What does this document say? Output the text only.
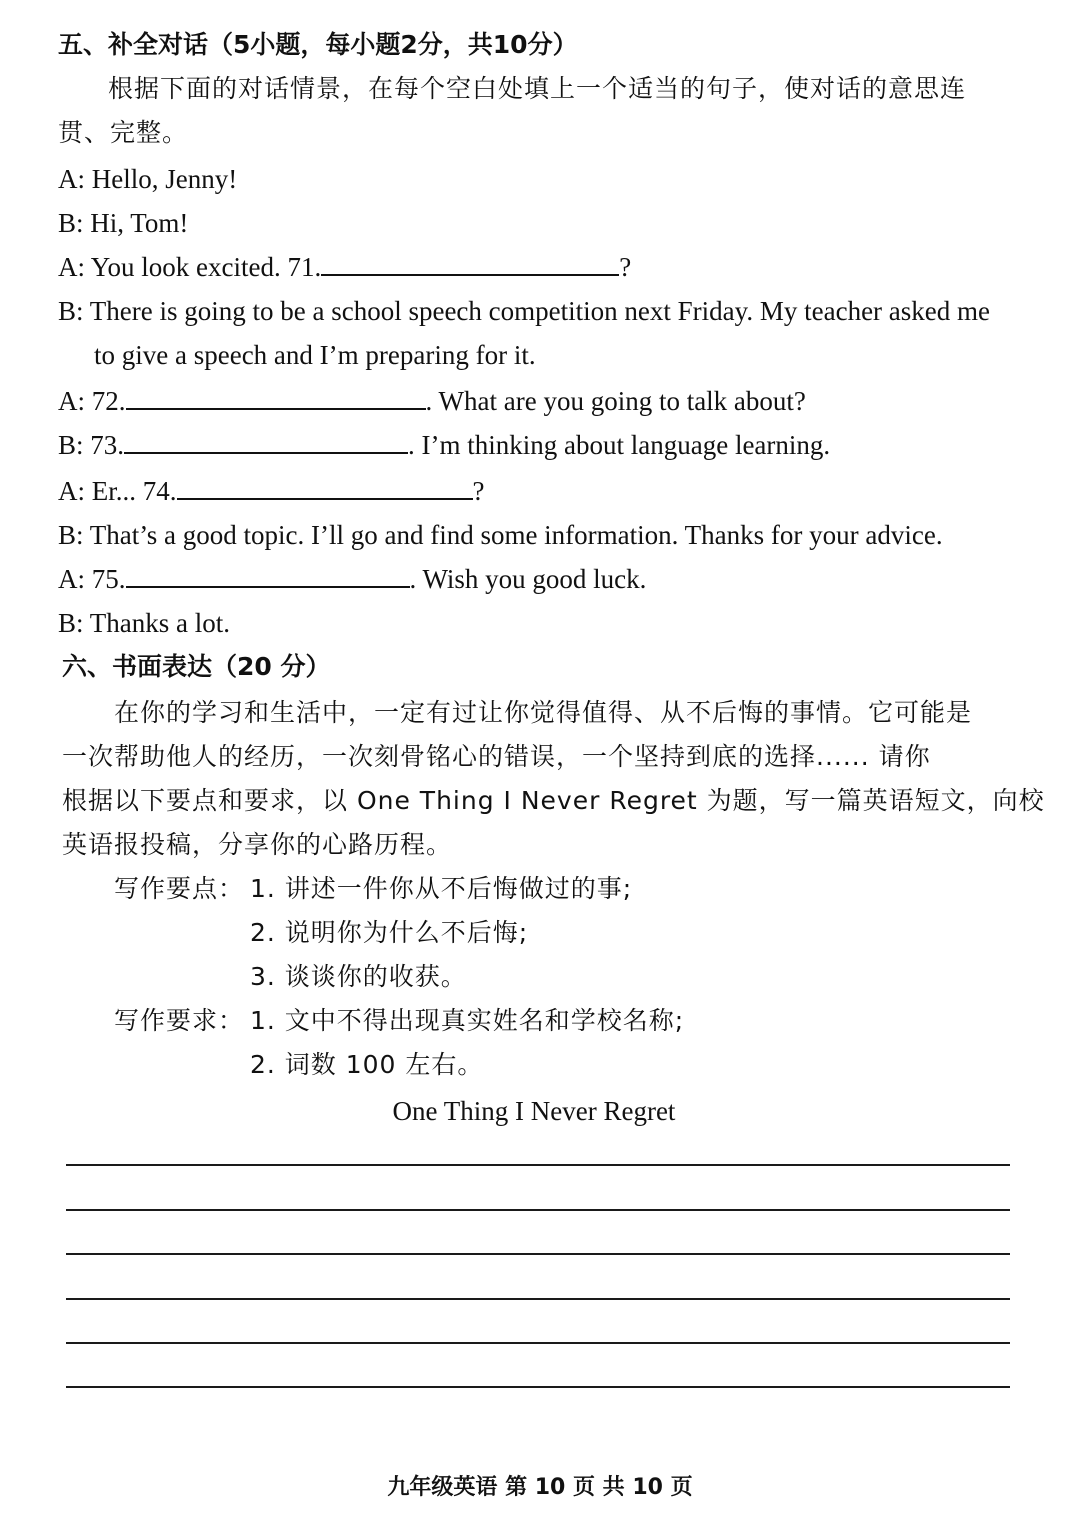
五、补全对话（5小题，每小题2分，共10分）
根据下面的对话情景，在每个空白处填上一个适当的句子，使对话的意思连
贯、完整。
A: Hello, Jenny!
B: Hi, Tom!
A: You look excited. 71.	?
B: There is going to be a school speech competition next Friday. My teacher asked me
to give a speech and I’m preparing for it.
A: 72.	. What are you going to talk about?
B: 73.	. I’m thinking about language learning.
A: Er... 74.	?
B: That’s a good topic. I’ll go and find some information. Thanks for your advice.
A: 75.	. Wish you good luck.
B: Thanks a lot.
六、书面表达（20 分）
在你的学习和生活中，一定有过让你觉得值得、从不后悔的事情。它可能是
一次帮助他人的经历，一次刻骨铭心的错误，一个坚持到底的选择...... 请你
根据以下要点和要求，以 One Thing I Never Regret 为题，写一篇英语短文，向校
英语报投稿，分享你的心路历程。
写作要点： 1. 讲述一件你从不后悔做过的事;
2. 说明你为什么不后悔;
3. 谈谈你的收获。
写作要求： 1. 文中不得出现真实姓名和学校名称;
2. 词数 100 左右。
One Thing I Never Regret
九年级英语 第 10 页 共 10 页
